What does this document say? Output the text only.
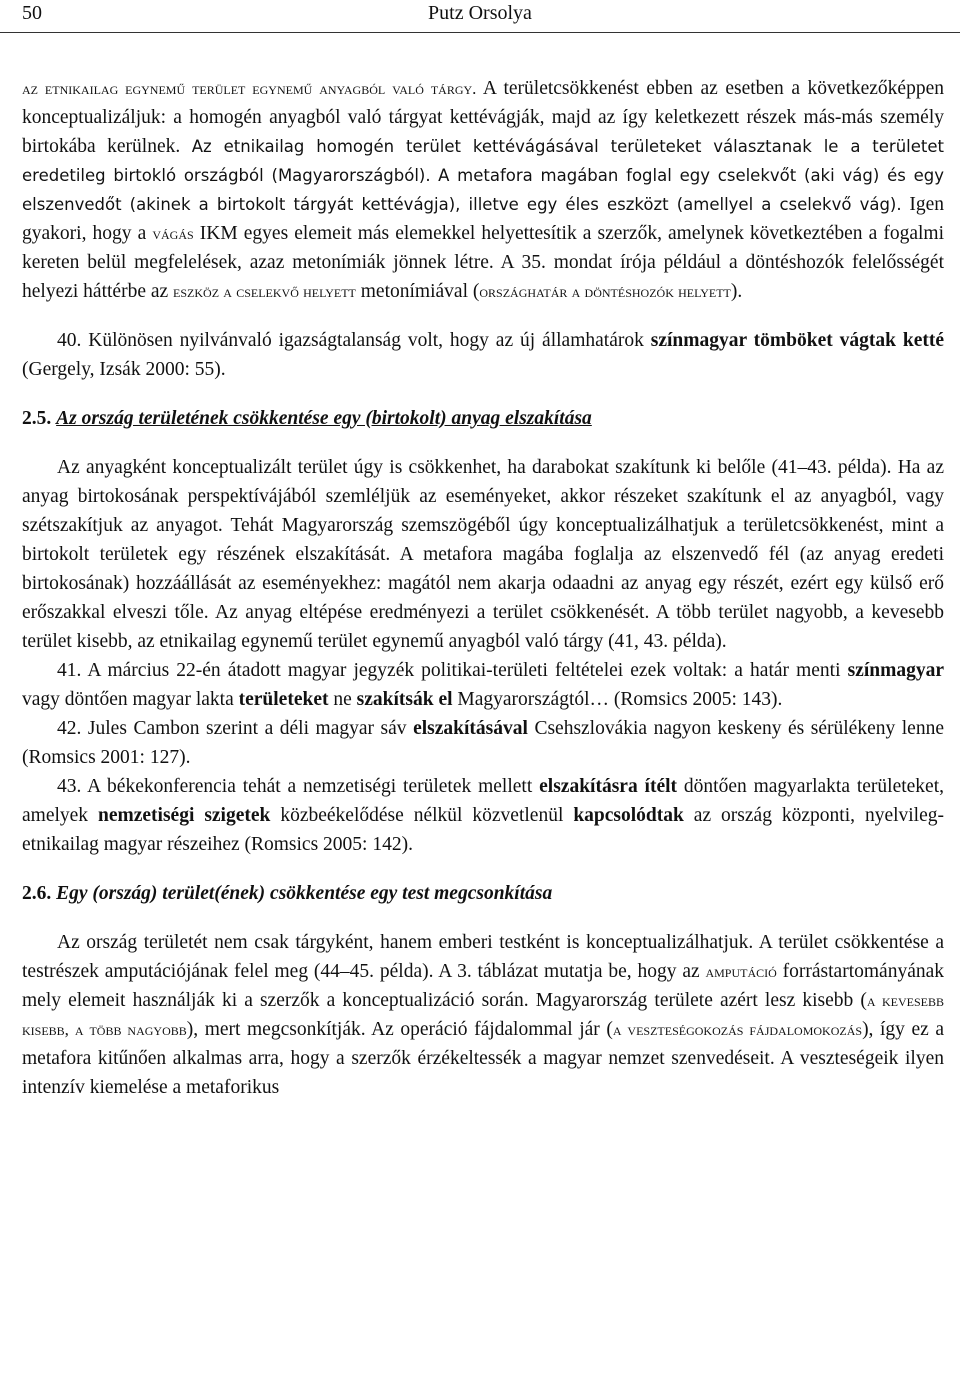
50	Putz Orsolya

az etnikailag egynemű terület egynemű anyagból való tárgy. A területcsökkenést ebben az esetben a következőképpen konceptualizáljuk: a homogén anyagból való tárgyat kettévágják, majd az így keletkezett részek más-más személy birtokába kerülnek. Az etnikailag homogén terület kettévágásával területeket választanak le a területet eredetileg birtokló országból (Magyarországból). A metafora magában foglal egy cselekvőt (aki vág) és egy elszenvedőt (akinek a birtokolt tárgyát kettévágja), illetve egy éles eszközt (amellyel a cselekvő vág). Igen gyakori, hogy a vágás IKM egyes elemeit más elemekkel helyettesítik a szerzők, amelynek következtében a fogalmi kereten belül megfelelések, azaz metonímiák jönnek létre. A 35. mondat írója például a döntéshozók felelősségét helyezi háttérbe az eszköz a cselekvő helyett metonímiával (országhatár a döntéshozók helyett).

40. Különösen nyilvánvaló igazságtalanság volt, hogy az új államhatárok színmagyar tömböket vágtak ketté (Gergely, Izsák 2000: 55).

2.5. Az ország területének csökkentése egy (birtokolt) anyag elszakítása

Az anyagként konceptualizált terület úgy is csökkenhet, ha darabokat szakítunk ki belőle (41–43. példa). Ha az anyag birtokosának perspektívájából szemléljük az eseményeket, akkor részeket szakítunk el az anyagból, vagy szétszakítjuk az anyagot. Tehát Magyarország szemszögéből úgy konceptualizálhatjuk a területcsökkenést, mint a birtokolt területek egy részének elszakítását. A metafora magába foglalja az elszenvedő fél (az anyag eredeti birtokosának) hozzáállását az eseményekhez: magától nem akarja odaadni az anyag egy részét, ezért egy külső erő erőszakkal elveszi tőle. Az anyag eltépése eredményezi a terület csökkenését. A több terület nagyobb, a kevesebb terület kisebb, az etnikailag egynemű terület egynemű anyagból való tárgy (41, 43. példa).

41. A március 22-én átadott magyar jegyzék politikai-területi feltételei ezek voltak: a határ menti színmagyar vagy döntően magyar lakta területeket ne szakítsák el Magyarországtól… (Romsics 2005: 143).

42. Jules Cambon szerint a déli magyar sáv elszakításával Csehszlovákia nagyon keskeny és sérülékeny lenne (Romsics 2001: 127).

43. A békekonferencia tehát a nemzetiségi területek mellett elszakításra ítélt döntően magyarlakta területeket, amelyek nemzetiségi szigetek közbeékelődése nélkül közvetlenül kapcsolódtak az ország központi, nyelvileg-etnikailag magyar részeihez (Romsics 2005: 142).

2.6. Egy (ország) terület(ének) csökkentése egy test megcsonkítása

Az ország területét nem csak tárgyként, hanem emberi testként is konceptualizálhatjuk. A terület csökkentése a testrészek amputációjának felel meg (44–45. példa). A 3. táblázat mutatja be, hogy az amputáció forrástartományának mely elemeit használják ki a szerzők a konceptualizáció során. Magyarország területe azért lesz kisebb (a kevesebb kisebb, a több nagyobb), mert megcsonkítják. Az operáció fájdalommal jár (a veszteségokozás fájdalomokozás), így ez a metafora kitűnően alkalmas arra, hogy a szerzők érzékeltessék a magyar nemzet szenvedéseit. A veszteségeik ilyen intenzív kiemelése a metaforikus
